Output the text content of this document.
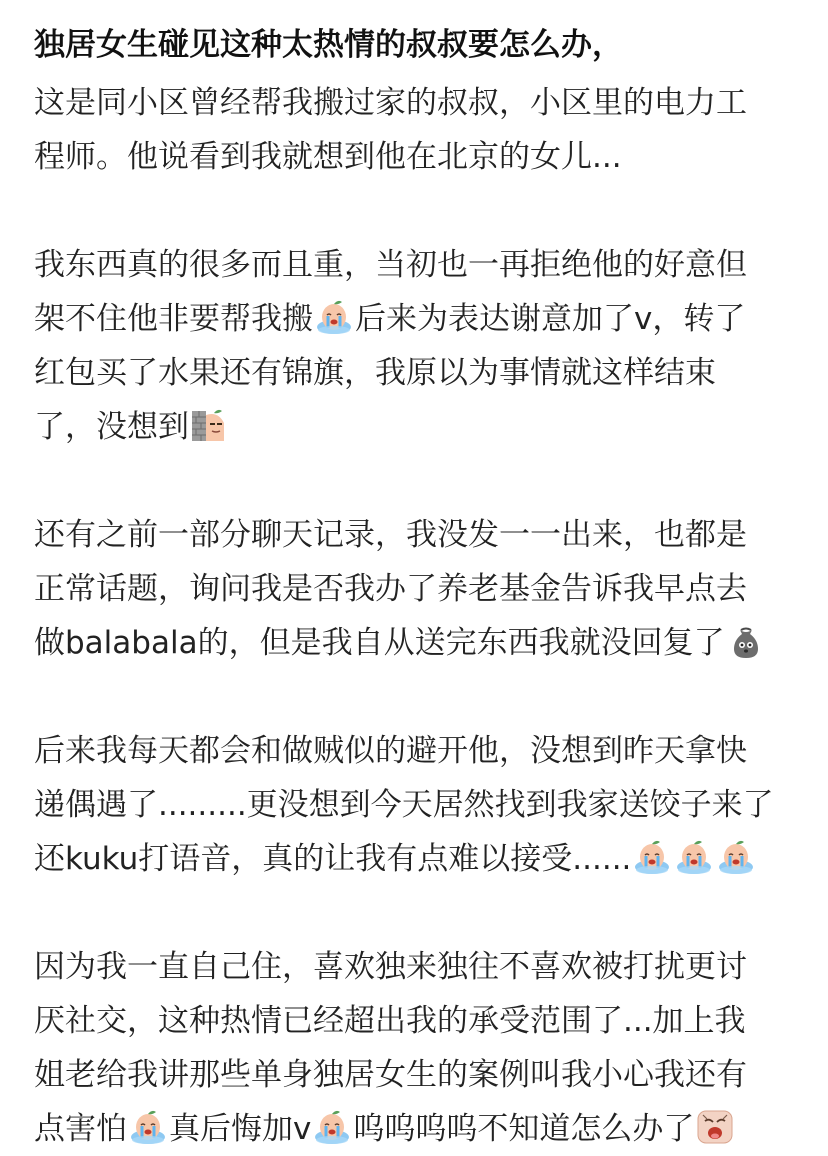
独居女生碰见这种太热情的叔叔要怎么办，
这是同小区曾经帮我搬过家的叔叔，小区里的电力工
程师。他说看到我就想到他在北京的女儿...
我东西真的很多而且重，当初也一再拒绝他的好意但
架不住他非要帮我搬 后来为表达谢意加了v，转了
红包买了水果还有锦旗，我原以为事情就这样结束
了，没想到
还有之前一部分聊天记录，我没发一一出来，也都是
正常话题，询问我是否我办了养老基金告诉我早点去
做balabala的，但是我自从送完东西我就没回复了
后来我每天都会和做贼似的避开他，没想到昨天拿快
递偶遇了.........更没想到今天居然找到我家送饺子来了
还kuku打语音，真的让我有点难以接受......
因为我一直自己住，喜欢独来独往不喜欢被打扰更讨
厌社交，这种热情已经超出我的承受范围了...加上我
姐老给我讲那些单身独居女生的案例叫我小心我还有
点害怕 真后悔加v 呜呜呜呜不知道怎么办了
